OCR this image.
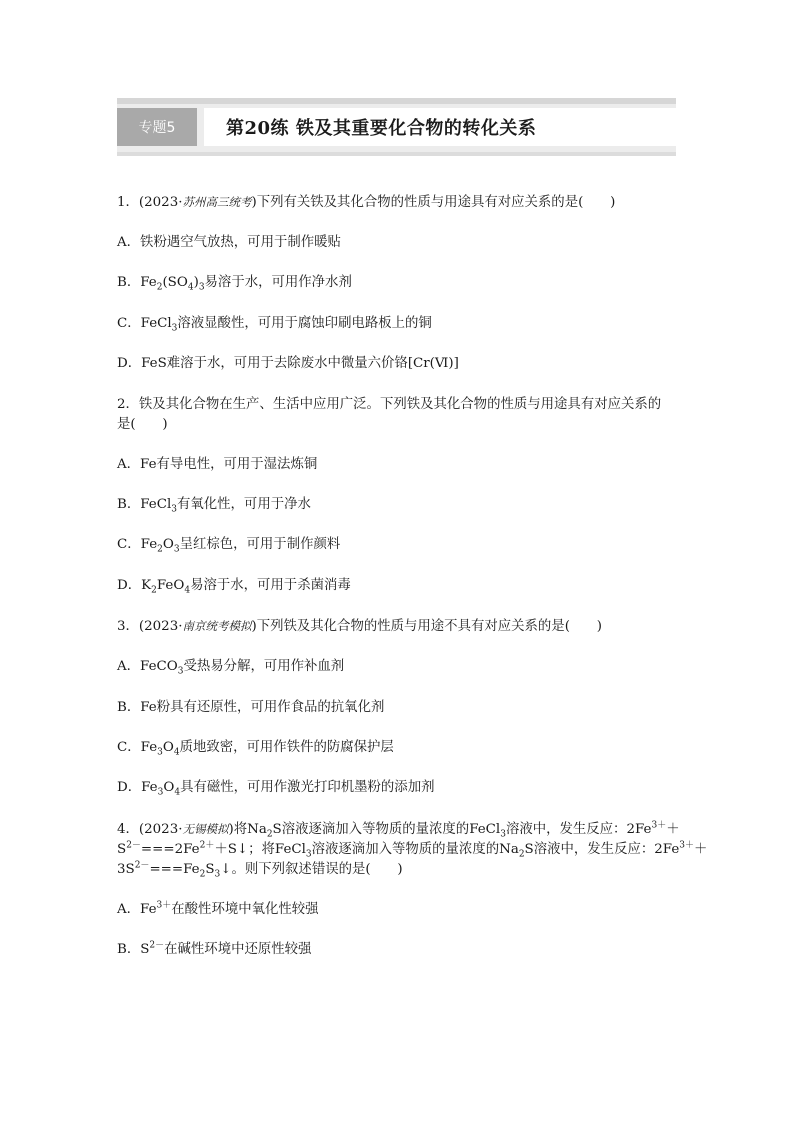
专题5	第20练 铁及其重要化合物的转化关系

1．(2023·苏州高三统考)下列有关铁及其化合物的性质与用途具有对应关系的是(　　)

A．铁粉遇空气放热，可用于制作暖贴

B．$Fe_2(SO_4)_3$易溶于水，可用作净水剂

C．FeCl$_3$溶液显酸性，可用于腐蚀印刷电路板上的铜

D．FeS难溶于水，可用于去除废水中微量六价铬[Cr(Ⅵ)]

2．铁及其化合物在生产、生活中应用广泛。下列铁及其化合物的性质与用途具有对应关系的

是(　　)

A．Fe有导电性，可用于湿法炼铜

B．FeCl$_3$有氧化性，可用于净水

C．$Fe_2O_3$呈红棕色，可用于制作颜料

D．$K_2FeO_4$易溶于水，可用于杀菌消毒

3．(2023·南京统考模拟)下列铁及其化合物的性质与用途不具有对应关系的是(　　)

A．FeCO$_3$受热易分解，可用作补血剂

B．Fe粉具有还原性，可用作食品的抗氧化剂

C．$Fe_3O_4$质地致密，可用作铁件的防腐保护层

D．$Fe_3O_4$具有磁性，可用作激光打印机墨粉的添加剂

4．(2023·无锡模拟)将$Na_2S$溶液逐滴加入等物质的量浓度的FeCl$_3$溶液中，发生反应：$2Fe^{3+}+$

$S^{2-}===2Fe^{2+}+S↓$；将FeCl$_3$溶液逐滴加入等物质的量浓度的$Na_2S$溶液中，发生反应：$2Fe^{3+}+$

$3S^{2-}===Fe_2S_3↓$。则下列叙述错误的是(　　)

A．$Fe^{3+}$在酸性环境中氧化性较强

B．$S^{2-}$在碱性环境中还原性较强
